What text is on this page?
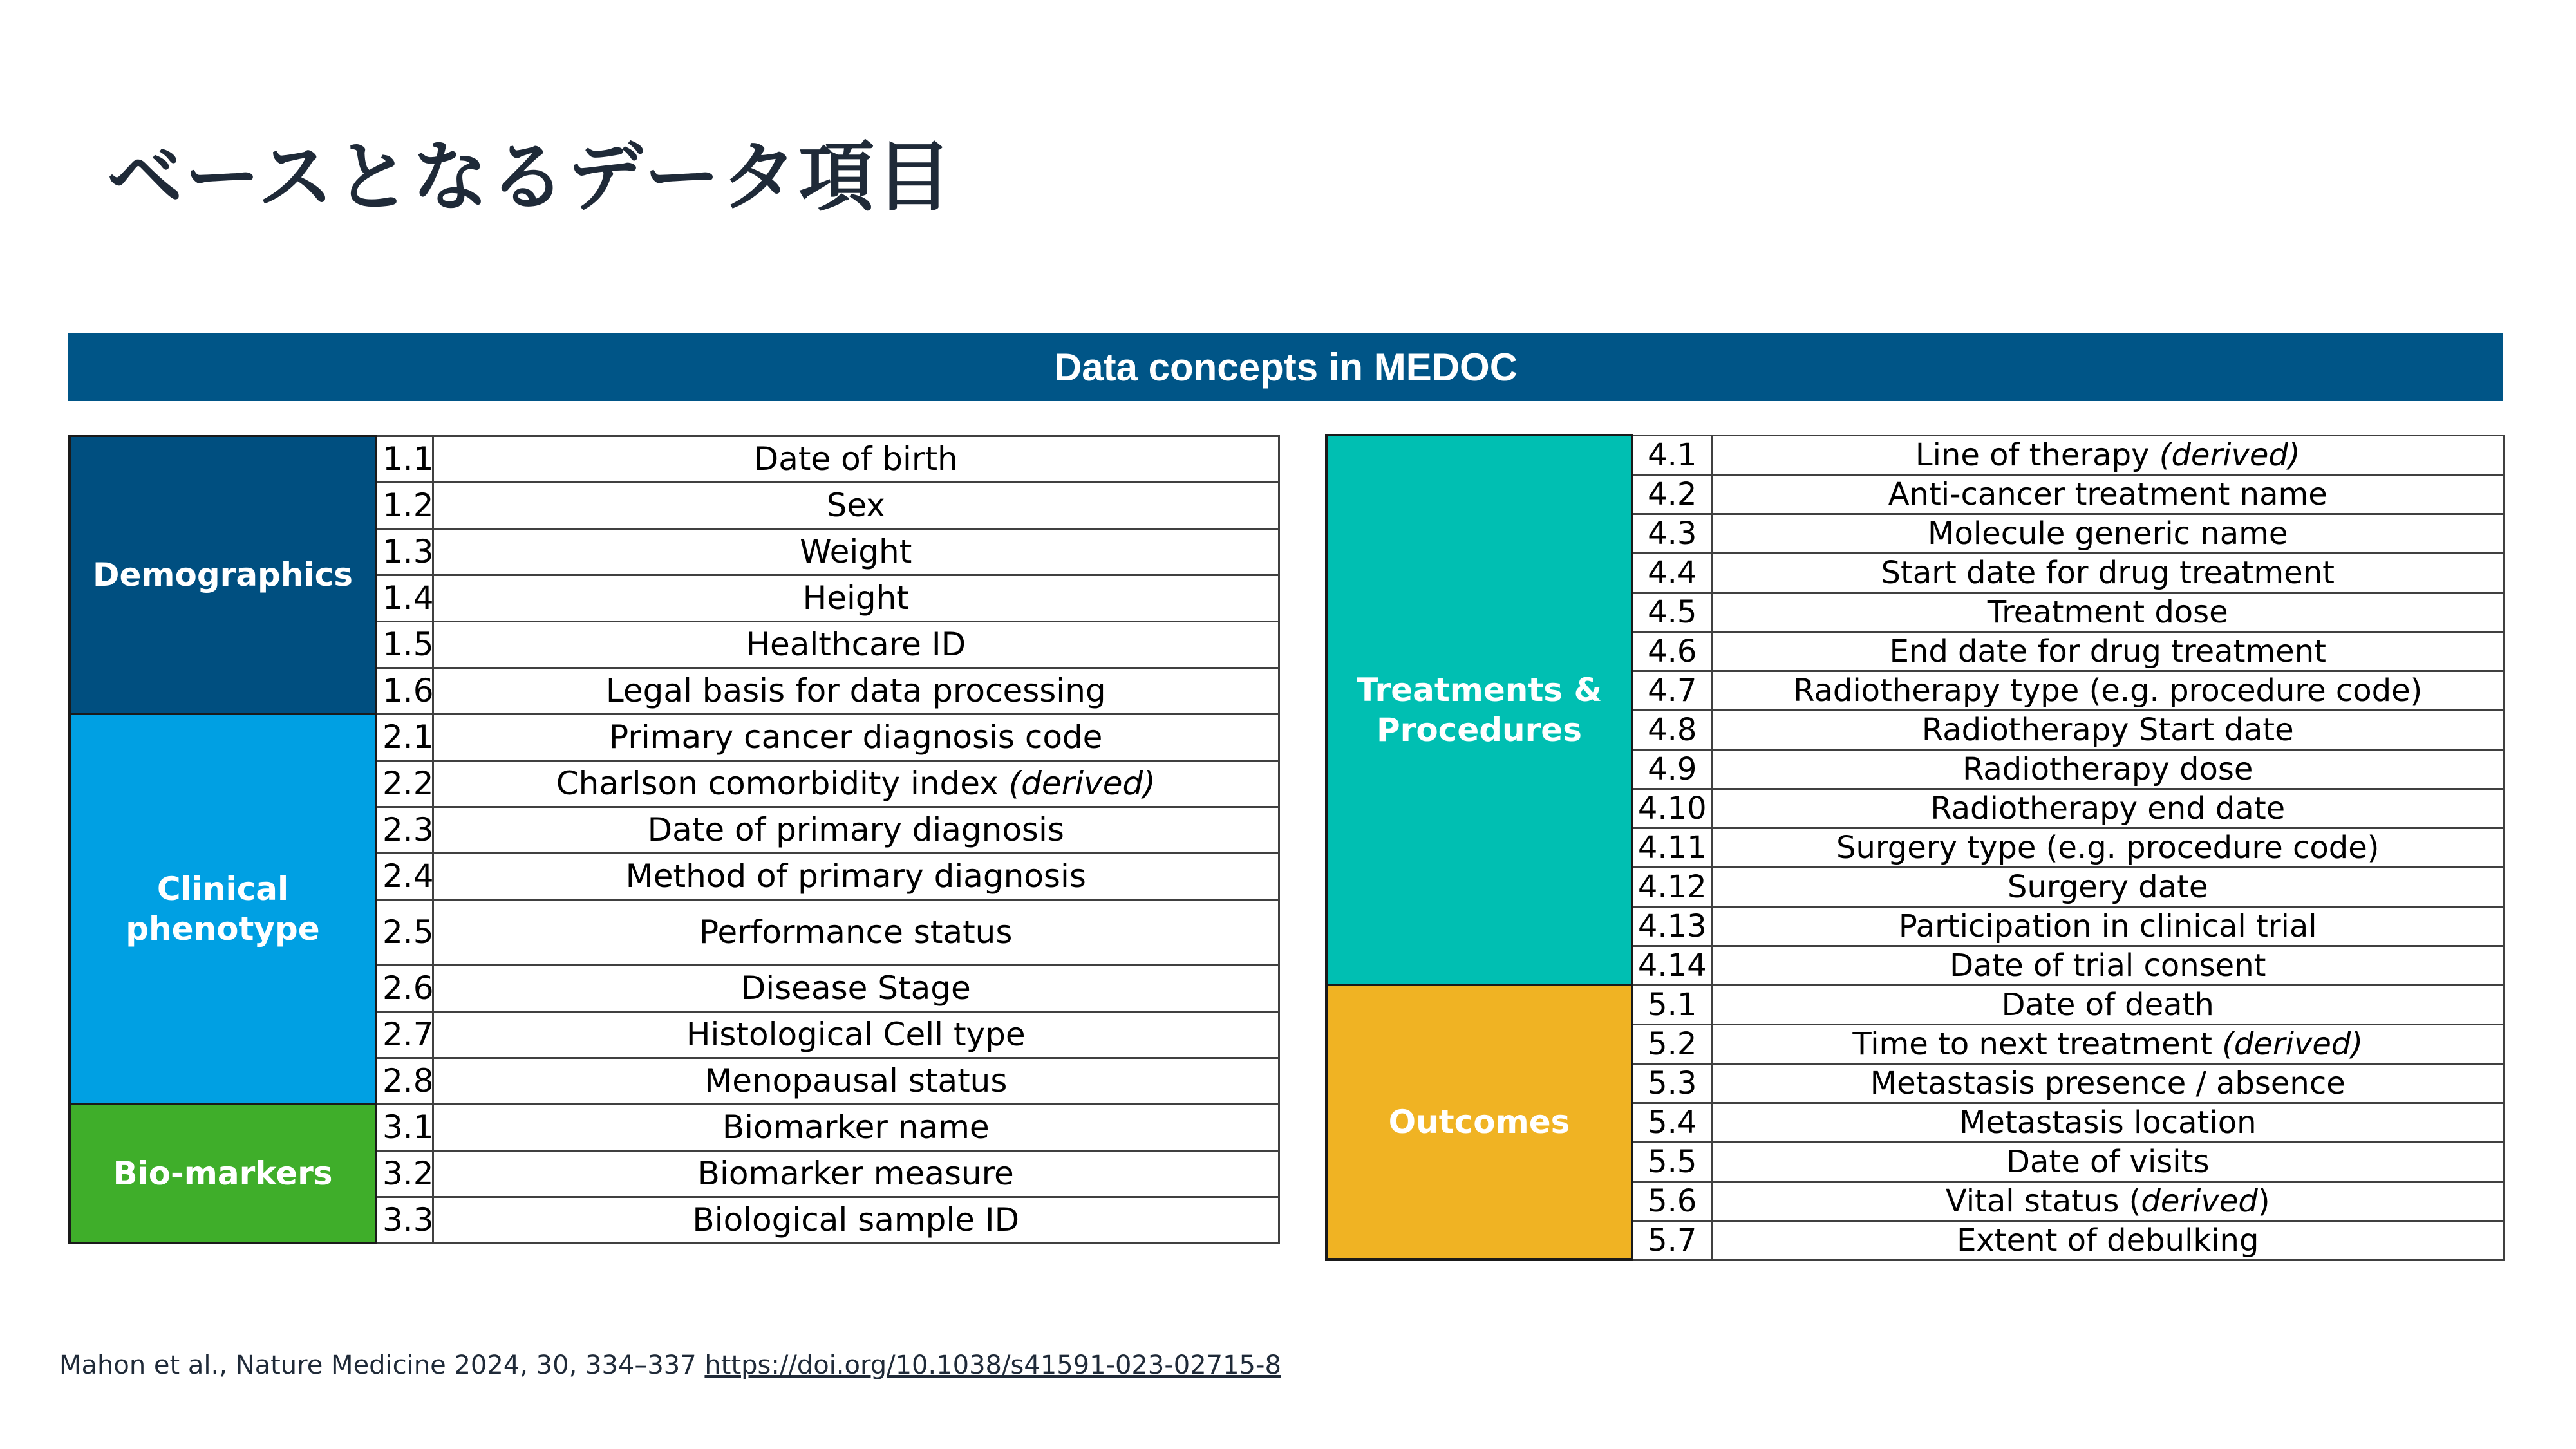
ベースとなるデータ項目
Data concepts in MEDOC
Demographics	1.1	Date of birth
	1.2	Sex
	1.3	Weight
	1.4	Height
	1.5	Healthcare ID
	1.6	Legal basis for data processing
Clinical
phenotype	2.1	Primary cancer diagnosis code
	2.2	Charlson comorbidity index (derived)
	2.3	Date of primary diagnosis
	2.4	Method of primary diagnosis
	2.5	Performance status
	2.6	Disease Stage
	2.7	Histological Cell type
	2.8	Menopausal status
Bio-markers	3.1	Biomarker name
	3.2	Biomarker measure
	3.3	Biological sample ID
Treatments &
Procedures	4.1	Line of therapy (derived)
	4.2	Anti-cancer treatment name
	4.3	Molecule generic name
	4.4	Start date for drug treatment
	4.5	Treatment dose
	4.6	End date for drug treatment
	4.7	Radiotherapy type (e.g. procedure code)
	4.8	Radiotherapy Start date
	4.9	Radiotherapy dose
	4.10	Radiotherapy end date
	4.11	Surgery type (e.g. procedure code)
	4.12	Surgery date
	4.13	Participation in clinical trial
	4.14	Date of trial consent
Outcomes	5.1	Date of death
	5.2	Time to next treatment (derived)
	5.3	Metastasis presence / absence
	5.4	Metastasis location
	5.5	Date of visits
	5.6	Vital status (derived)
	5.7	Extent of debulking
Mahon et al., Nature Medicine 2024, 30, 334–337 https://doi.org/10.1038/s41591-023-02715-8
